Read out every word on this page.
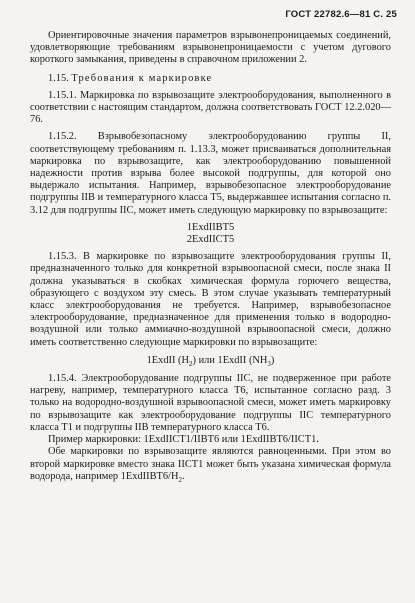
ГОСТ 22782.6—81 С. 25

Ориентировочные значения параметров взрывонепроницаемых соединений, удовлетворяющие требованиям взрывонепроницаемости с учетом дугового короткого замыкания, приведены в справочном приложении 2.

1.15. Требования к маркировке

1.15.1. Маркировка по взрывозащите электрооборудования, выполненного в соответствии с настоящим стандартом, должна соответствовать ГОСТ 12.2.020—76.

1.15.2. Взрывобезопасному электрооборудованию группы II, соответствующему требованиям п. 1.13.3, может присваиваться дополнительная маркировка по взрывозащите, как электрооборудованию повышенной надежности против взрыва более высокой подгруппы, для которой оно выдержало испытания. Например, взрывобезопасное электрооборудование подгруппы IIB и температурного класса T5, выдержавшее испытания согласно п. 3.12 для подгруппы IIC, может иметь следующую маркировку по взрывозащите:

1ExdIIBT5

2ExdIICT5

1.15.3. В маркировке по взрывозащите электрооборудования группы II, предназначенного только для конкретной взрывоопасной смеси, после знака II должна указываться в скобках химическая формула горючего вещества, образующего с воздухом эту смесь. В этом случае указывать температурный класс электрооборудования не требуется. Например, взрывобезопасное электрооборудование, предназначенное для применения только в водородно-воздушной или только аммиачно-воздушной взрывоопасной смеси, должно иметь соответственно следующие маркировки по взрывозащите:

1ExdII $(H_2)$ или 1ExdII $(NH_3)$

1.15.4. Электрооборудование подгруппы IIC, не подверженное при работе нагреву, например, температурного класса T6, испытанное согласно разд. 3 только на водородно-воздушной взрывоопасной смеси, может иметь маркировку по взрывозащите как электрооборудование подгруппы IIC температурного класса T1 и подгруппы IIB температурного класса T6.

Пример маркировки: 1ExdIICT1/IIBT6 или 1ExdIIBT6/IICT1.

Обе маркировки по взрывозащите являются равноценными. При этом во второй маркировке вместо знака IICT1 может быть указана химическая формула водорода, например $1ExdIIBT6/H_2$.
